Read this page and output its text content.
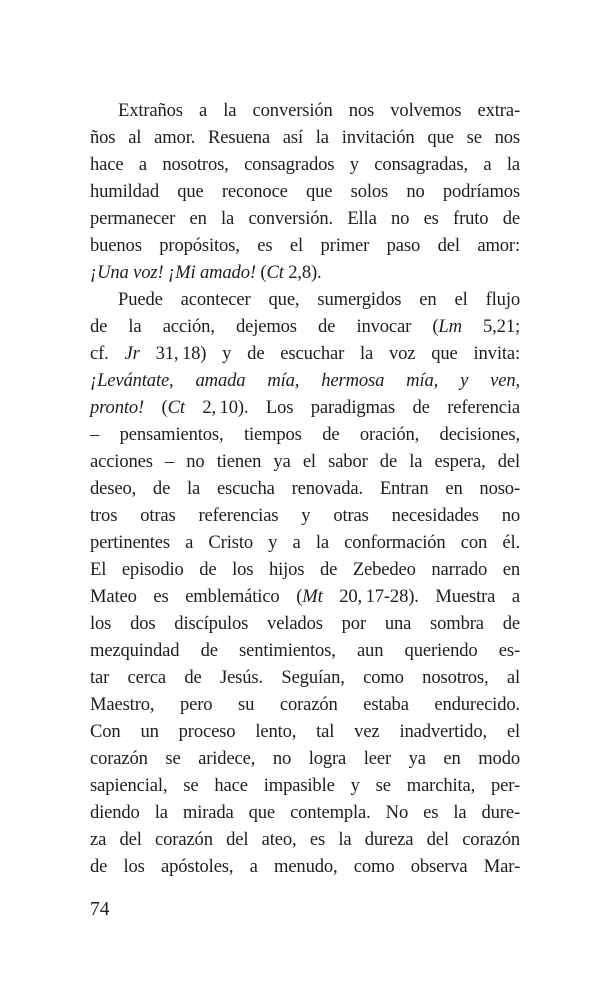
Extraños a la conversión nos volvemos extra-
ños al amor. Resuena así la invitación que se nos
hace a nosotros, consagrados y consagradas, a la
humildad que reconoce que solos no podríamos
permanecer en la conversión. Ella no es fruto de
buenos propósitos, es el primer paso del amor:
¡Una voz! ¡Mi amado! (Ct 2,8).
Puede acontecer que, sumergidos en el flujo
de la acción, dejemos de invocar (Lm 5,21;
cf. Jr 31, 18) y de escuchar la voz que invita:
¡Levántate, amada mía, hermosa mía, y ven,
pronto! (Ct 2, 10). Los paradigmas de referencia
– pensamientos, tiempos de oración, decisiones,
acciones – no tienen ya el sabor de la espera, del
deseo, de la escucha renovada. Entran en noso-
tros otras referencias y otras necesidades no
pertinentes a Cristo y a la conformación con él.
El episodio de los hijos de Zebedeo narrado en
Mateo es emblemático (Mt 20, 17-28). Muestra a
los dos discípulos velados por una sombra de
mezquindad de sentimientos, aun queriendo es-
tar cerca de Jesús. Seguían, como nosotros, al
Maestro, pero su corazón estaba endurecido.
Con un proceso lento, tal vez inadvertido, el
corazón se aridece, no logra leer ya en modo
sapiencial, se hace impasible y se marchita, per-
diendo la mirada que contempla. No es la dure-
za del corazón del ateo, es la dureza del corazón
de los apóstoles, a menudo, como observa Mar-
74
